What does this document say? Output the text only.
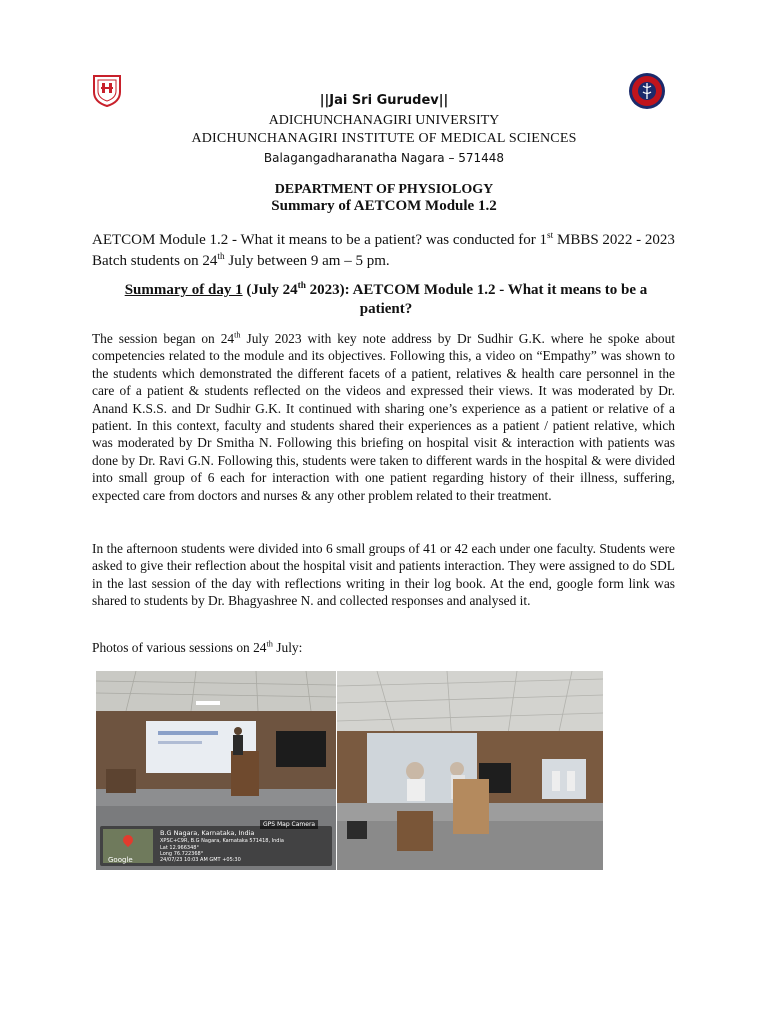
||Jai Sri Gurudev||
ADICHUNCHANAGIRI UNIVERSITY
ADICHUNCHANAGIRI INSTITUTE OF MEDICAL SCIENCES
Balagangadharanatha Nagara – 571448
DEPARTMENT OF PHYSIOLOGY
Summary of AETCOM Module 1.2
AETCOM Module 1.2 - What it means to be a patient? was conducted for 1st MBBS 2022 - 2023 Batch students on 24th July between 9 am – 5 pm.
Summary of day 1 (July 24th 2023): AETCOM Module 1.2 - What it means to be a patient?
The session began on 24th July 2023 with key note address by Dr Sudhir G.K. where he spoke about competencies related to the module and its objectives. Following this, a video on “Empathy” was shown to the students which demonstrated the different facets of a patient, relatives & health care personnel in the care of a patient & students reflected on the videos and expressed their views. It was moderated by Dr. Anand K.S.S. and Dr Sudhir G.K. It continued with sharing one’s experience as a patient or relative of a patient. In this context, faculty and students shared their experiences as a patient / patient relative, which was moderated by Dr Smitha N. Following this briefing on hospital visit & interaction with patients was done by Dr. Ravi G.N. Following this, students were taken to different wards in the hospital & were divided into small group of 6 each for interaction with one patient regarding history of their illness, suffering, expected care from doctors and nurses & any other problem related to their treatment.
In the afternoon students were divided into 6 small groups of 41 or 42 each under one faculty. Students were asked to give their reflection about the hospital visit and patients interaction. They were assigned to do SDL in the last session of the day with reflections writing in their log book. At the end, google form link was shared to students by Dr. Bhagyashree N. and collected responses and analysed it.
Photos of various sessions on 24th July:
Google
GPS Map Camera
B.G Nagara, Karnataka, India
XPSC+C9R, B.G Nagara, Karnataka 571418, India
Lat 12.966348°
Long 76.722368°
24/07/23 10:03 AM GMT +05:30
